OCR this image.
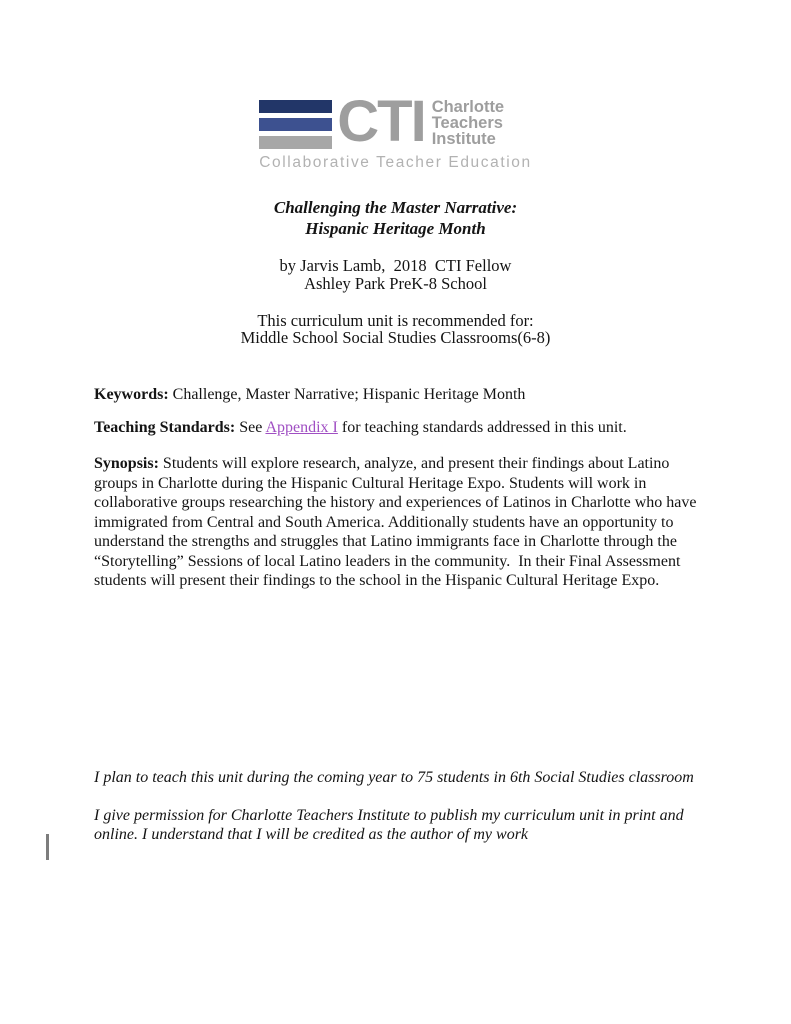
CTI Charlotte
Teachers
Institute
Collaborative Teacher Education
Challenging the Master Narrative:
Hispanic Heritage Month
by Jarvis Lamb,  2018  CTI Fellow
Ashley Park PreK-8 School
This curriculum unit is recommended for:
Middle School Social Studies Classrooms(6-8)

Keywords: Challenge, Master Narrative; Hispanic Heritage Month

Teaching Standards: See Appendix I for teaching standards addressed in this unit.

Synopsis: Students will explore research, analyze, and present their findings about Latino groups in Charlotte during the Hispanic Cultural Heritage Expo. Students will work in collaborative groups researching the history and experiences of Latinos in Charlotte who have immigrated from Central and South America. Additionally students have an opportunity to understand the strengths and struggles that Latino immigrants face in Charlotte through the “Storytelling” Sessions of local Latino leaders in the community.  In their Final Assessment students will present their findings to the school in the Hispanic Cultural Heritage Expo.

I plan to teach this unit during the coming year to 75 students in 6th Social Studies classroom

I give permission for Charlotte Teachers Institute to publish my curriculum unit in print and online. I understand that I will be credited as the author of my work
